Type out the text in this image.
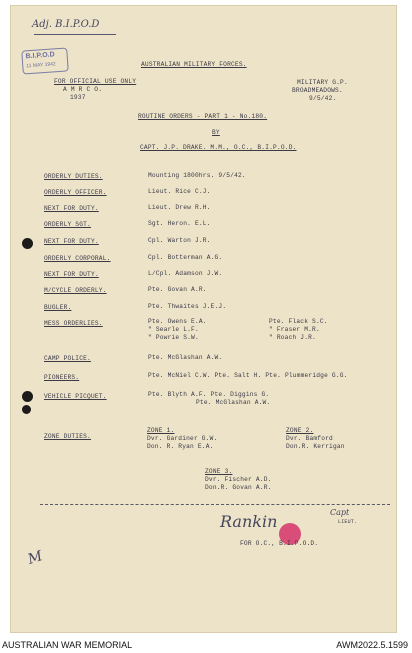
Adj. B.I.P.O.D
B.I.P.O.D
11 MAY 1942	AUSTRALIAN MILITARY FORCES.
FOR OFFICIAL USE ONLY
A M R C O.
1937
MILITARY G.P.
BROADMEADOWS.
9/5/42.
ROUTINE ORDERS - PART 1 - No.180.
BY
CAPT. J.P. DRAKE. M.M., O.C., B.I.P.O.D.
ORDERLY DUTIES.	Mounting 1800hrs. 9/5/42.
ORDERLY OFFICER.	Lieut. Rice C.J.
NEXT FOR DUTY.	Lieut. Drew R.H.
ORDERLY SGT.	Sgt. Heron. E.L.
NEXT FOR DUTY.	Cpl. Warton J.R.
ORDERLY CORPORAL.	Cpl. Botterman A.G.
NEXT FOR DUTY.	L/Cpl. Adamson J.W.
M/CYCLE ORDERLY.	Pte. Govan A.R.
BUGLER.	Pte. Thwaites J.E.J.
MESS ORDERLIES.	Pte. Owens E.A.
" Searle L.F.
" Powrie S.W.
Pte. Flack S.C.
" Fraser M.R.
" Roach J.R.
CAMP POLICE.	Pte. McGlashan A.W.
PIONEERS.	Pte. McNiel C.W. Pte. Salt H. Pte. Plummeridge G.G.
VEHICLE PICQUET.	Pte. Blyth A.F. Pte. Diggins G.
Pte. McGlashan A.W.
ZONE DUTIES.
ZONE 1.
Dvr. Gardiner G.W.
Don. R. Ryan E.A.
ZONE 2.
Dvr. Bamford
Don.R. Kerrigan
ZONE 3.
Dvr. Fischer A.D.
Don.R. Govan A.R.
Rankin	Capt
LIEUT.
FOR O.C., B.I.P.O.D.
M
AUSTRALIAN WAR MEMORIAL	AWM2022.5.1599
